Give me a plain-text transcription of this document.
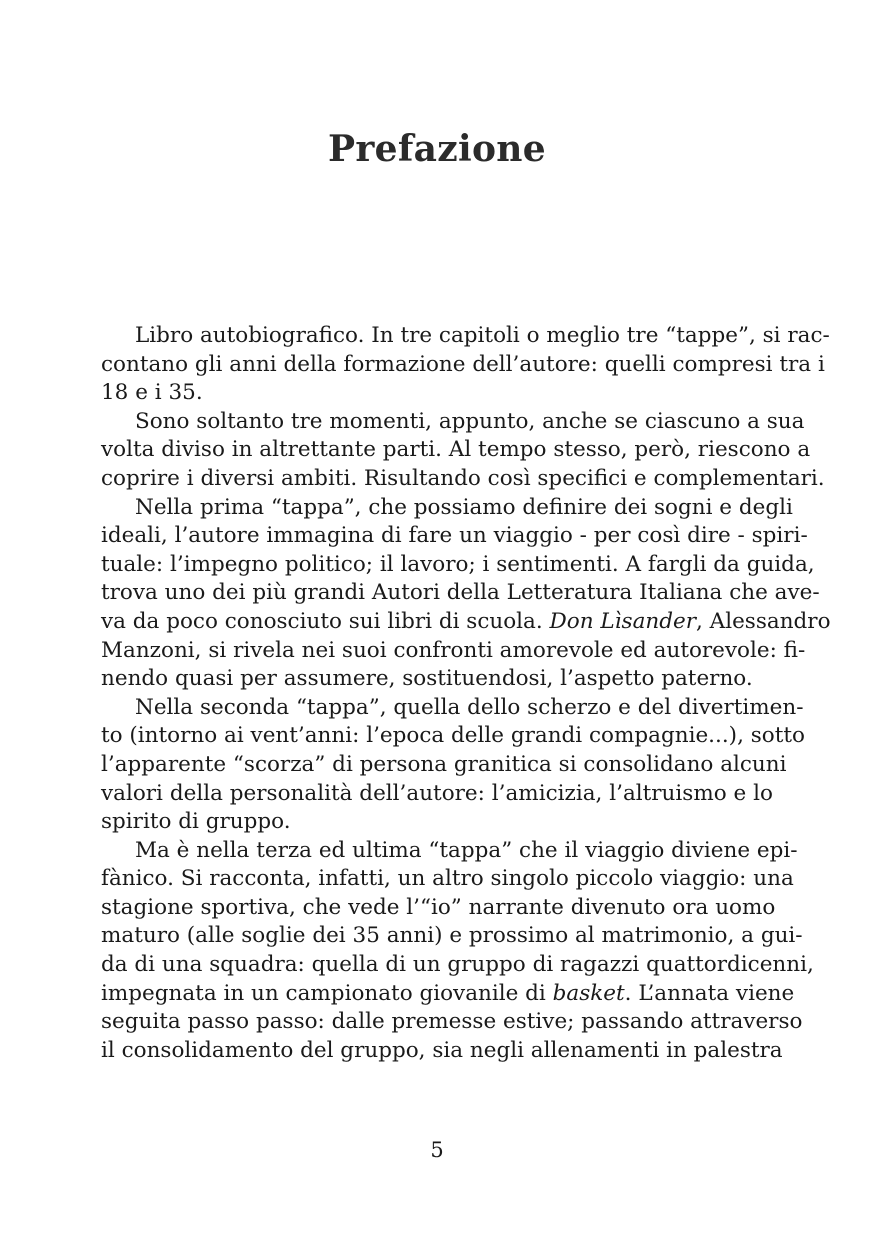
Prefazione
Libro autobiografico. In tre capitoli o meglio tre “tappe”, si rac-
contano gli anni della formazione dell’autore: quelli compresi tra i
18 e i 35.
Sono soltanto tre momenti, appunto, anche se ciascuno a sua
volta diviso in altrettante parti. Al tempo stesso, però, riescono a
coprire i diversi ambiti. Risultando così specifici e complementari.
Nella prima “tappa”, che possiamo definire dei sogni e degli
ideali, l’autore immagina di fare un viaggio - per così dire - spiri-
tuale: l’impegno politico; il lavoro; i sentimenti. A fargli da guida,
trova uno dei più grandi Autori della Letteratura Italiana che ave-
va da poco conosciuto sui libri di scuola. Don Lìsander, Alessandro
Manzoni, si rivela nei suoi confronti amorevole ed autorevole: fi-
nendo quasi per assumere, sostituendosi, l’aspetto paterno.
Nella seconda “tappa”, quella dello scherzo e del divertimen-
to (intorno ai vent’anni: l’epoca delle grandi compagnie...), sotto
l’apparente “scorza” di persona granitica si consolidano alcuni
valori della personalità dell’autore: l’amicizia, l’altruismo e lo
spirito di gruppo.
Ma è nella terza ed ultima “tappa” che il viaggio diviene epi-
fànico. Si racconta, infatti, un altro singolo piccolo viaggio: una
stagione sportiva, che vede l’“io” narrante divenuto ora uomo
maturo (alle soglie dei 35 anni) e prossimo al matrimonio, a gui-
da di una squadra: quella di un gruppo di ragazzi quattordicenni,
impegnata in un campionato giovanile di basket. L’annata viene
seguita passo passo: dalle premesse estive; passando attraverso
il consolidamento del gruppo, sia negli allenamenti in palestra
5
